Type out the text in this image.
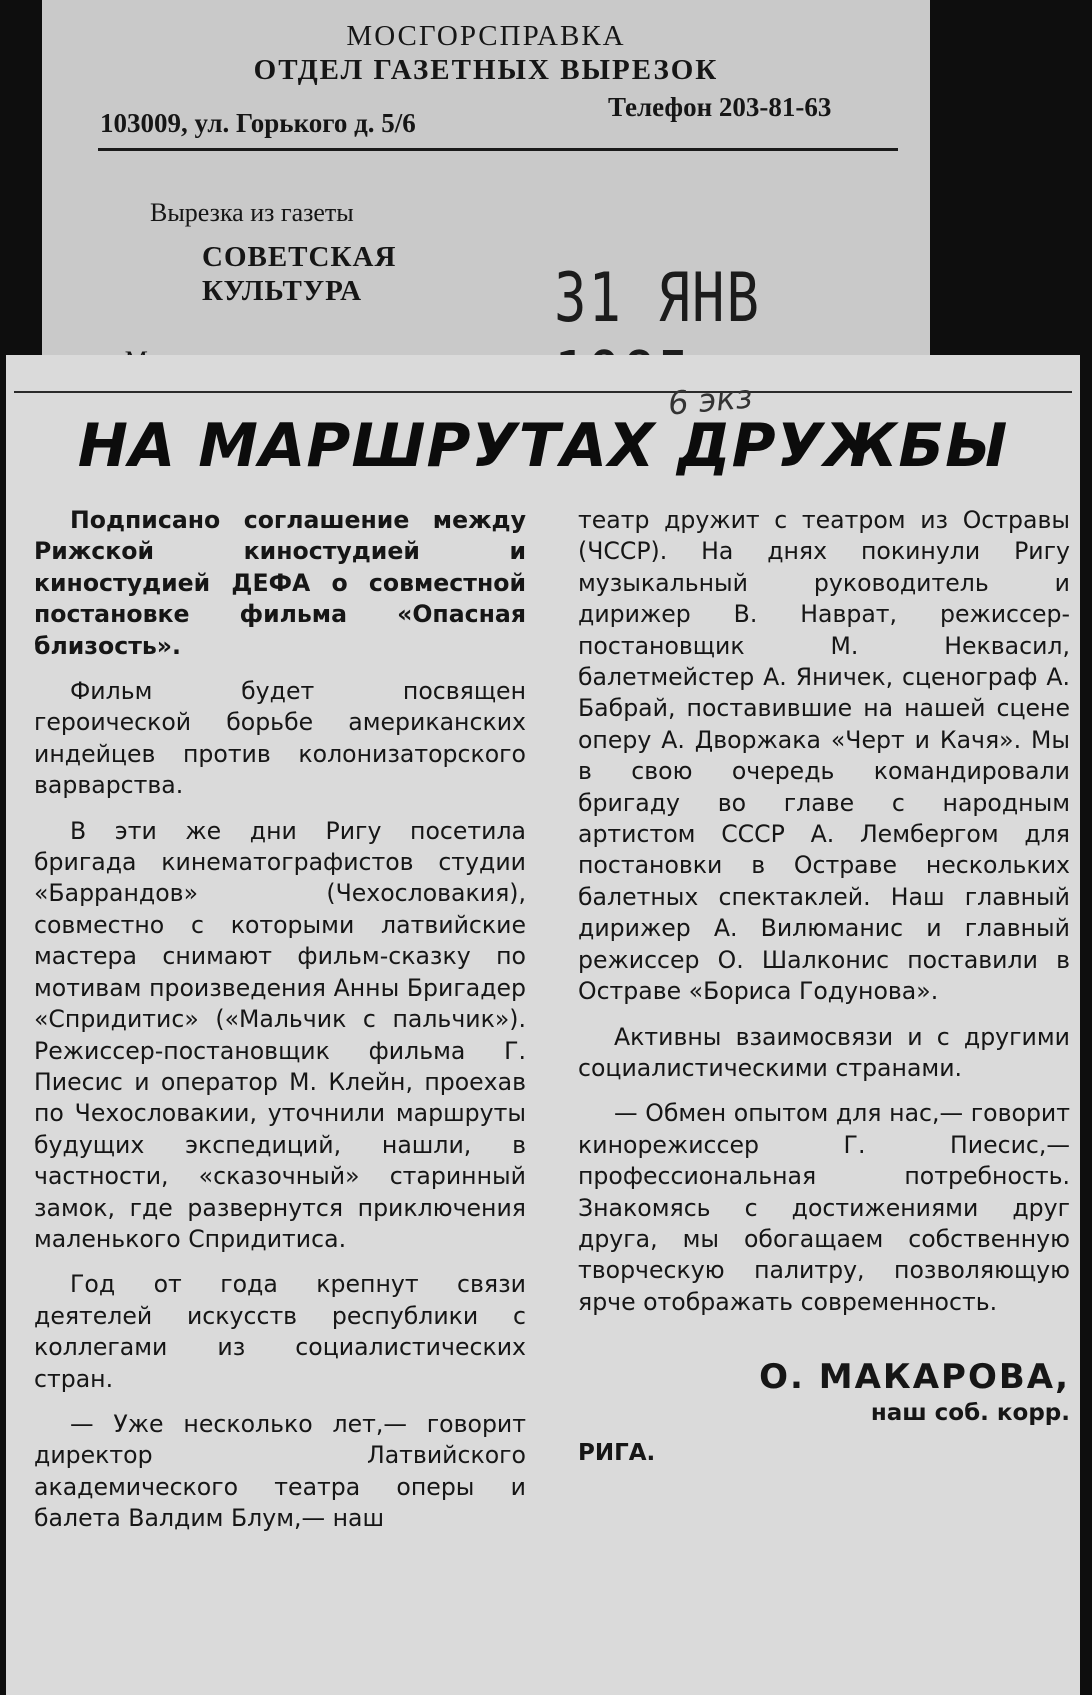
МОСГОРСПРАВКА
ОТДЕЛ ГАЗЕТНЫХ ВЫРЕЗОК
103009, ул. Горького д. 5/6
Телефон 203-81-63
Вырезка из газеты
СОВЕТСКАЯ
КУЛЬТУРА	31 ЯНВ
6 экз
НА МАРШРУТАХ ДРУЖБЫ

Подписано соглашение между Рижской киностудией и киностудией ДЕФА о совместной постановке фильма «Опасная близость».

Фильм будет посвящен героической борьбе американских индейцев против колонизаторского варварства.

В эти же дни Ригу посетила бригада кинематографистов студии «Баррандов» (Чехословакия), совместно с которыми латвийские мастера снимают фильм-сказку по мотивам произведения Анны Бригадер «Спридитис» («Мальчик с пальчик»). Режиссер-постановщик фильма Г. Пиесис и оператор М. Клейн, проехав по Чехословакии, уточнили маршруты будущих экспедиций, нашли, в частности, «сказочный» старинный замок, где развернутся приключения маленького Спридитиса.

Год от года крепнут связи деятелей искусств республики с коллегами из социалистических стран.

— Уже несколько лет,— говорит директор Латвийского академического театра оперы и балета Валдим Блум,— наш

театр дружит с театром из Остравы (ЧССР). На днях покинули Ригу музыкальный руководитель и дирижер В. Наврат, режиссер-постановщик М. Неквасил, балетмейстер А. Яничек, сценограф А. Бабрай, поставившие на нашей сцене оперу А. Дворжака «Черт и Качя». Мы в свою очередь командировали бригаду во главе с народным артистом СССР А. Лембергом для постановки в Остраве нескольких балетных спектаклей. Наш главный дирижер А. Вилюманис и главный режиссер О. Шалконис поставили в Остраве «Бориса Годунова».

Активны взаимосвязи и с другими социалистическими странами.

— Обмен опытом для нас,— говорит кинорежиссер Г. Пиесис,— профессиональная потребность. Знакомясь с достижениями друг друга, мы обогащаем собственную творческую палитру, позволяющую ярче отображать современность.

О. МАКАРОВА,
наш соб. корр.
РИГА.
